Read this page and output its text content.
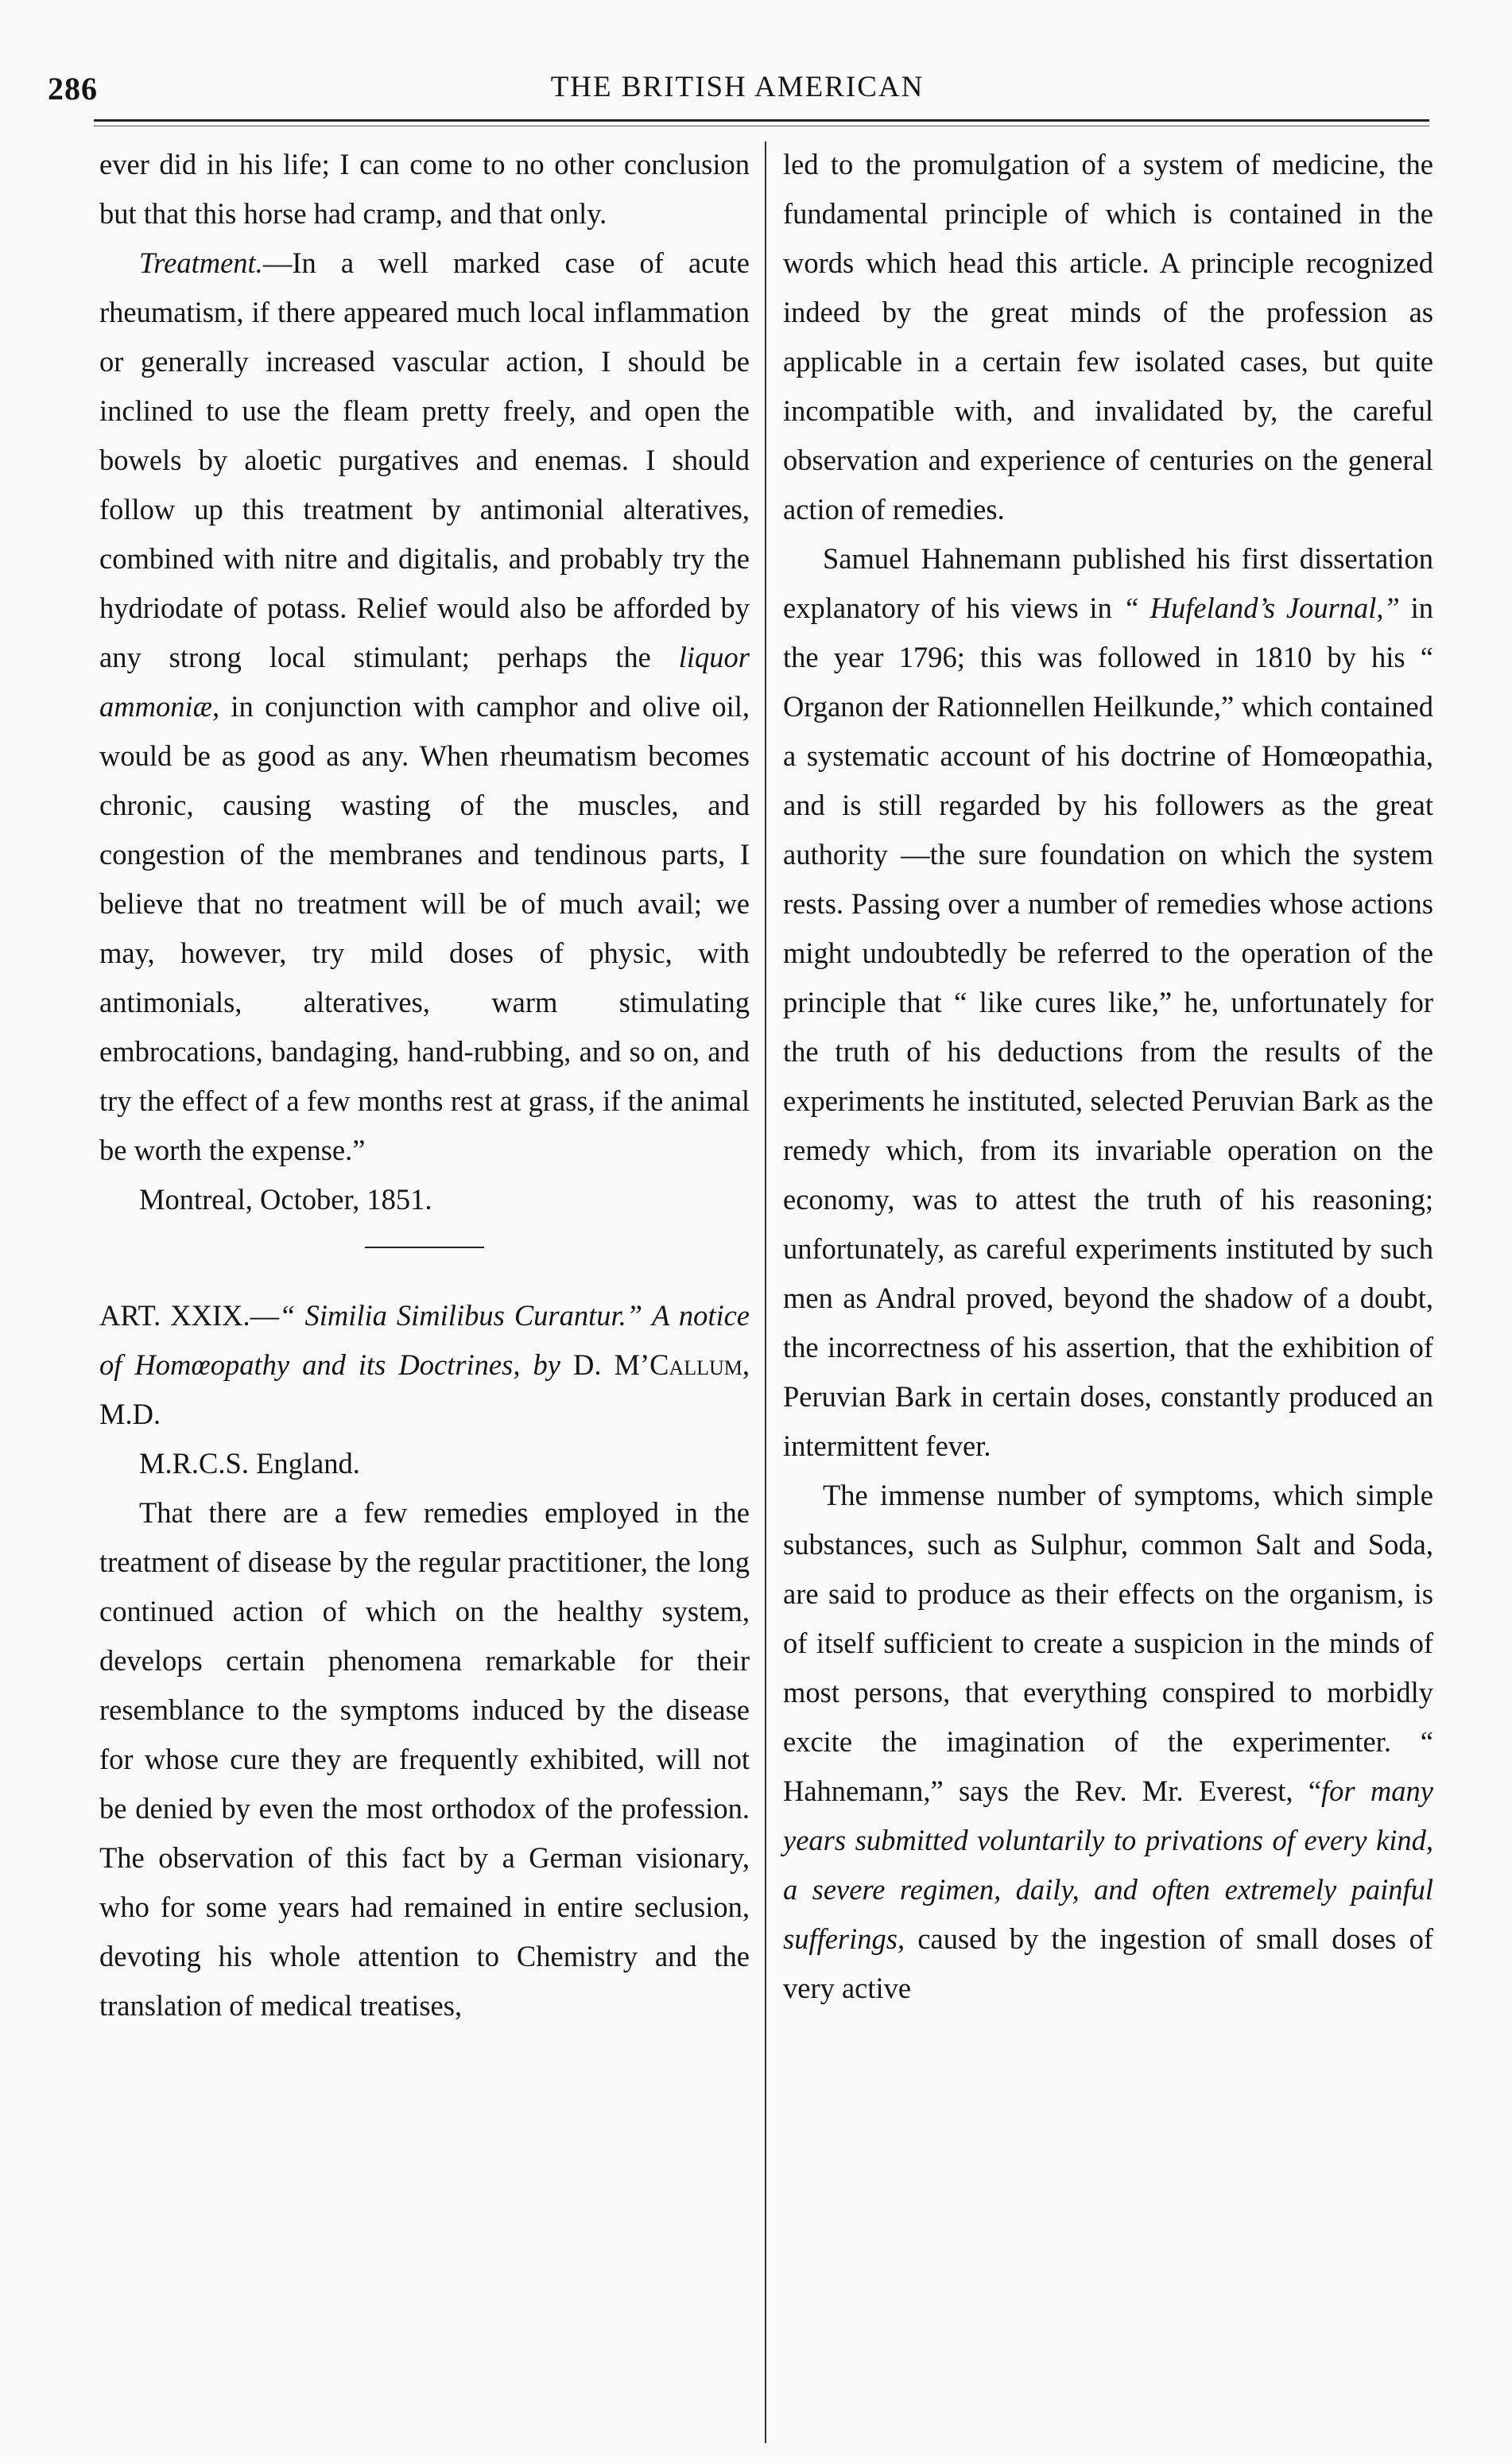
286	THE BRITISH AMERICAN

ever did in his life; I can come to no other conclusion but that this horse had cramp, and that only.

Treatment.—In a well marked case of acute rheumatism, if there appeared much local inflammation or generally increased vascular action, I should be inclined to use the fleam pretty freely, and open the bowels by aloetic purgatives and enemas. I should follow up this treatment by antimonial alteratives, combined with nitre and digitalis, and probably try the hydriodate of potass. Relief would also be afforded by any strong local stimulant; perhaps the liquor ammoniæ, in conjunction with camphor and olive oil, would be as good as any. When rheumatism becomes chronic, causing wasting of the muscles, and congestion of the membranes and tendinous parts, I believe that no treatment will be of much avail; we may, however, try mild doses of physic, with antimonials, alteratives, warm stimulating embrocations, bandaging, hand-rubbing, and so on, and try the effect of a few months rest at grass, if the animal be worth the expense.”

Montreal, October, 1851.

ART. XXIX.—“ Similia Similibus Curantur.” A notice of Homœopathy and its Doctrines, by D. M’Callum, M.D.
M.R.C.S. England.

That there are a few remedies employed in the treatment of disease by the regular practitioner, the long continued action of which on the healthy system, develops certain phenomena remarkable for their resemblance to the symptoms induced by the disease for whose cure they are frequently exhibited, will not be denied by even the most orthodox of the profession. The observation of this fact by a German visionary, who for some years had remained in entire seclusion, devoting his whole attention to Chemistry and the translation of medical treatises,

led to the promulgation of a system of medicine, the fundamental principle of which is contained in the words which head this article. A principle recognized indeed by the great minds of the profession as applicable in a certain few isolated cases, but quite incompatible with, and invalidated by, the careful observation and experience of centuries on the general action of remedies.

Samuel Hahnemann published his first dissertation explanatory of his views in “ Hufeland’s Journal,” in the year 1796; this was followed in 1810 by his “ Organon der Rationnellen Heilkunde,” which contained a systematic account of his doctrine of Homœopathia, and is still regarded by his followers as the great authority —the sure foundation on which the system rests. Passing over a number of remedies whose actions might undoubtedly be referred to the operation of the principle that “ like cures like,” he, unfortunately for the truth of his deductions from the results of the experiments he instituted, selected Peruvian Bark as the remedy which, from its invariable operation on the economy, was to attest the truth of his reasoning; unfortunately, as careful experiments instituted by such men as Andral proved, beyond the shadow of a doubt, the incorrectness of his assertion, that the exhibition of Peruvian Bark in certain doses, constantly produced an intermittent fever.

The immense number of symptoms, which simple substances, such as Sulphur, common Salt and Soda, are said to produce as their effects on the organism, is of itself sufficient to create a suspicion in the minds of most persons, that everything conspired to morbidly excite the imagination of the experimenter. “ Hahnemann,” says the Rev. Mr. Everest, “for many years submitted voluntarily to privations of every kind, a severe regimen, daily, and often extremely painful sufferings, caused by the ingestion of small doses of very active
